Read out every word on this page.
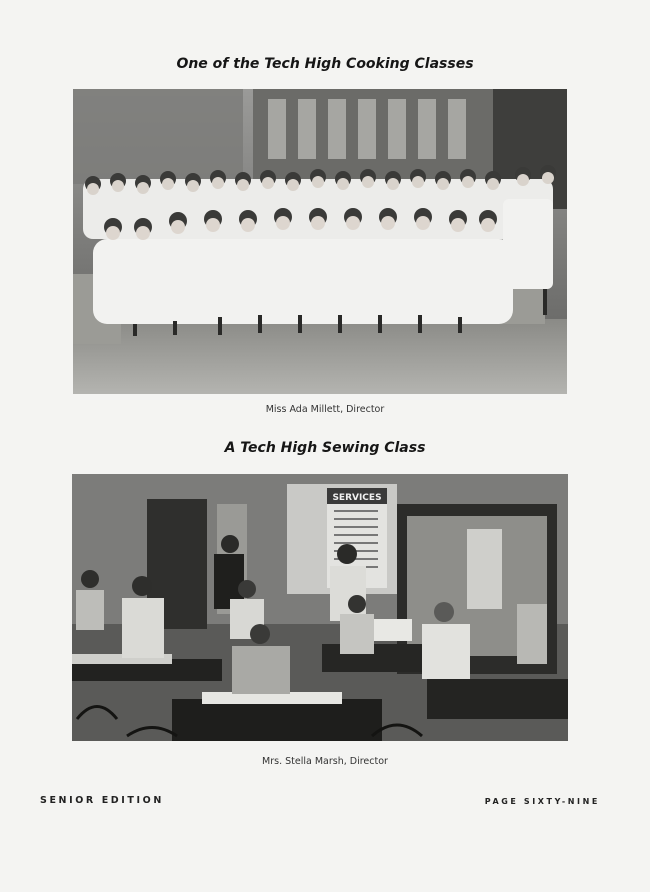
One of the Tech High Cooking Classes

Miss Ada Millett, Director

A Tech High Sewing Class
SERVICES

Mrs. Stella Marsh, Director

SENIOR EDITION	PAGE SIXTY-NINE
